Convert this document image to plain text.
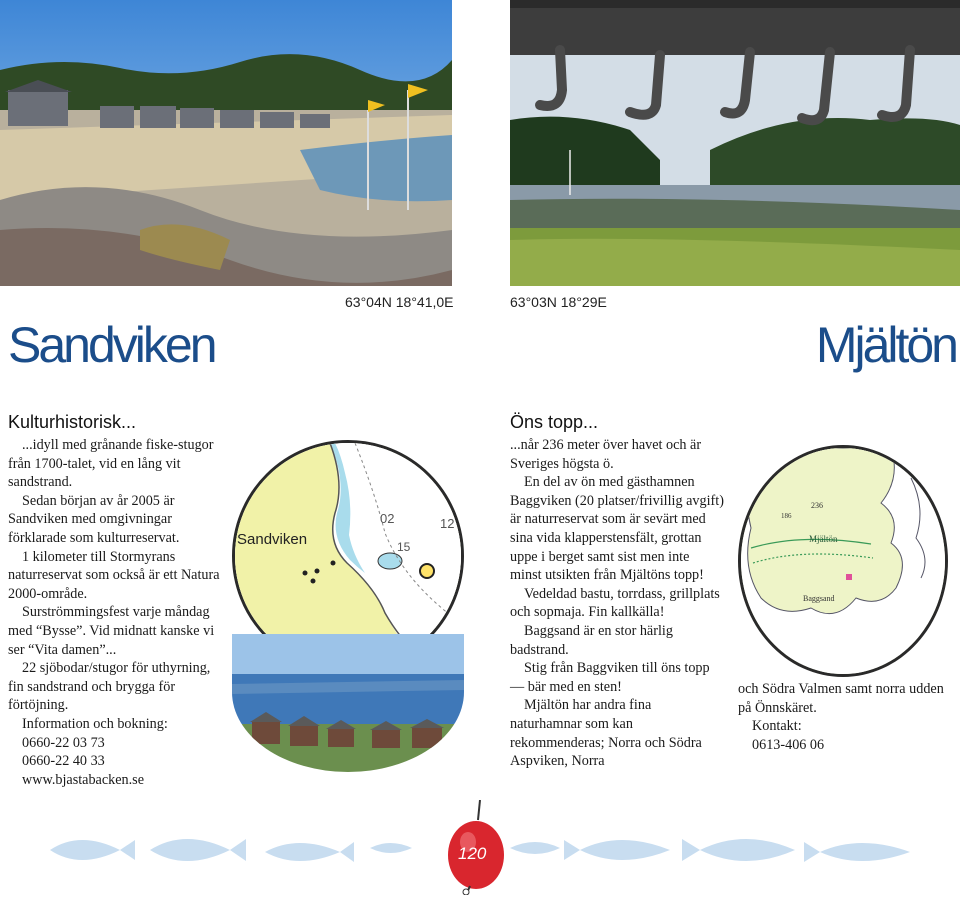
63°04N 18°41,0E
Sandviken
Kulturhistorisk...

...idyll med grånande fiske-stugor från 1700-talet, vid en lång vit sandstrand.

Sedan början av år 2005 är Sandviken med omgivningar förklarade som kulturreservat.

1 kilometer till Stormyrans naturreservat som också är ett Natura 2000-område.

Surströmmingsfest varje måndag med “Bysse”. Vid midnatt kanske vi ser “Vita damen”...

22 sjöbodar/stugor för uthyrning, fin sandstrand och brygga för förtöjning.

Information och bokning:

0660-22 03 73

0660-22 40 33

www.bjastabacken.se

02	12
15
Sandviken
63°03N 18°29E
Mjältön
Öns topp...

...når 236 meter över havet och är Sveriges högsta ö.

En del av ön med gästhamnen Baggviken (20 platser/frivillig avgift) är naturreservat som är sevärt med sina vida klapperstensfält, grottan uppe i berget samt sist men inte minst utsikten från Mjältöns topp!

Vedeldad bastu, torrdass, grillplats och sopmaja. Fin kallkälla!

Baggsand är en stor härlig badstrand.

Stig från Baggviken till öns topp — bär med en sten!

Mjältön har andra fina naturhamnar som kan rekommenderas; Norra och Södra Aspviken, Norra

236
186
Mjältön
Baggsand

och Södra Valmen samt norra udden på Önnskäret.

Kontakt:

0613-406 06

120
